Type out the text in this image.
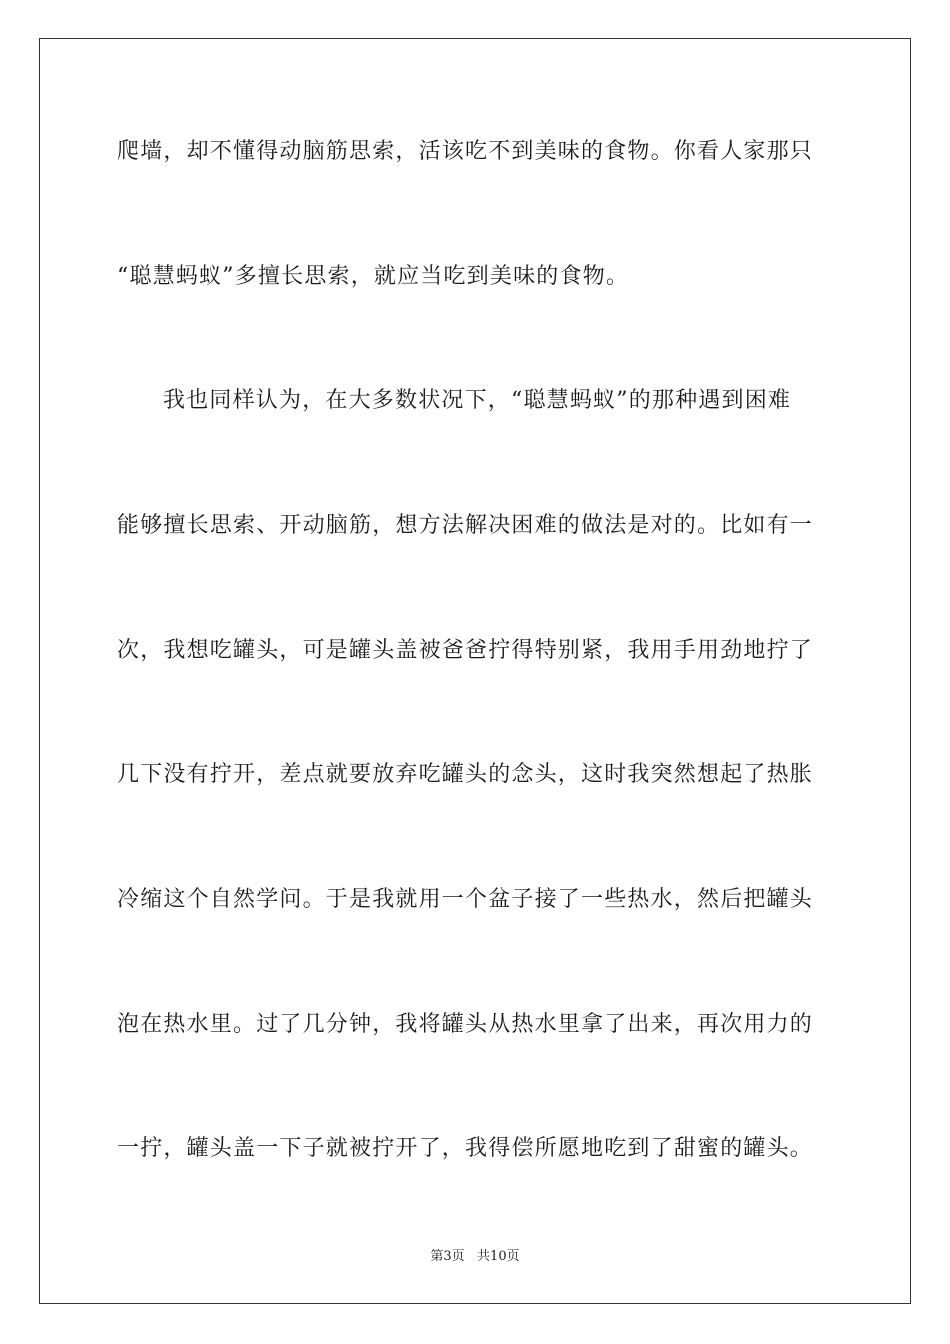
爬墙，却不懂得动脑筋思索，活该吃不到美味的食物。你看人家那只
“聪慧蚂蚁”多擅长思索，就应当吃到美味的食物。
我也同样认为，在大多数状况下，“聪慧蚂蚁”的那种遇到困难
能够擅长思索、开动脑筋，想方法解决困难的做法是对的。比如有一
次，我想吃罐头，可是罐头盖被爸爸拧得特别紧，我用手用劲地拧了
几下没有拧开，差点就要放弃吃罐头的念头，这时我突然想起了热胀
冷缩这个自然学问。于是我就用一个盆子接了一些热水，然后把罐头
泡在热水里。过了几分钟，我将罐头从热水里拿了出来，再次用力的
一拧，罐头盖一下子就被拧开了，我得偿所愿地吃到了甜蜜的罐头。
第3页   共10页
